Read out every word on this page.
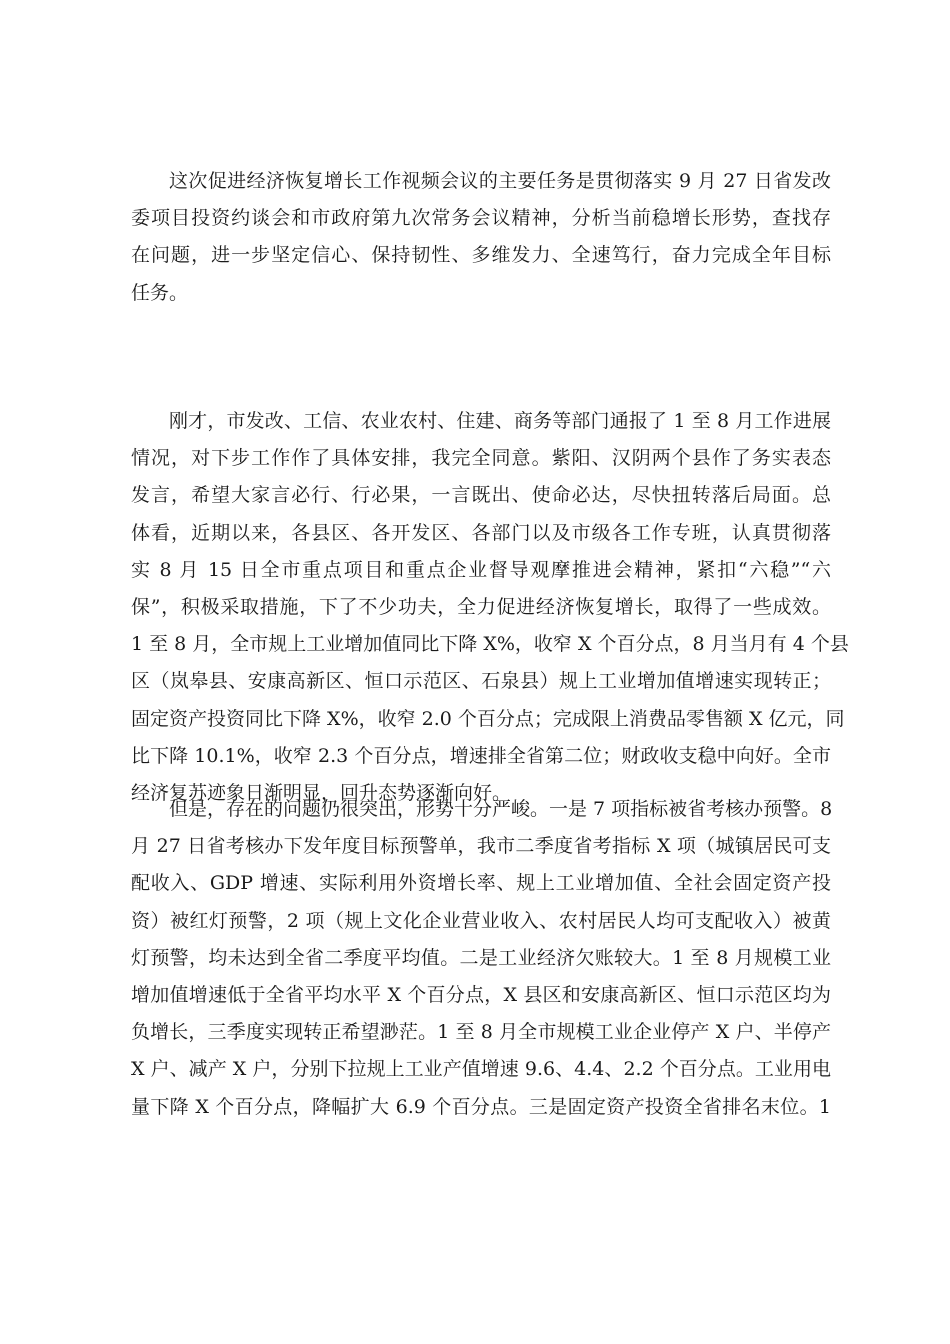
这次促进经济恢复增长工作视频会议的主要任务是贯彻落实 9 月 27 日省发改
委项目投资约谈会和市政府第九次常务会议精神，分析当前稳增长形势，查找存
在问题，进一步坚定信心、保持韧性、多维发力、全速笃行，奋力完成全年目标
任务。
刚才，市发改、工信、农业农村、住建、商务等部门通报了 1 至 8 月工作进展
情况，对下步工作作了具体安排，我完全同意。紫阳、汉阴两个县作了务实表态
发言，希望大家言必行、行必果，一言既出、使命必达，尽快扭转落后局面。总
体看，近期以来，各县区、各开发区、各部门以及市级各工作专班，认真贯彻落
实 8 月 15 日全市重点项目和重点企业督导观摩推进会精神，紧扣“六稳”“六
保”，积极采取措施，下了不少功夫，全力促进经济恢复增长，取得了一些成效。
1 至 8 月，全市规上工业增加值同比下降 X%，收窄 X 个百分点，8 月当月有 4 个县
区（岚皋县、安康高新区、恒口示范区、石泉县）规上工业增加值增速实现转正；
固定资产投资同比下降 X%，收窄 2.0 个百分点；完成限上消费品零售额 X 亿元，同
比下降 10.1%，收窄 2.3 个百分点，增速排全省第二位；财政收支稳中向好。全市
经济复苏迹象日渐明显，回升态势逐渐向好。
但是，存在的问题仍很突出，形势十分严峻。一是 7 项指标被省考核办预警。8
月 27 日省考核办下发年度目标预警单，我市二季度省考指标 X 项（城镇居民可支
配收入、GDP 增速、实际利用外资增长率、规上工业增加值、全社会固定资产投
资）被红灯预警，2 项（规上文化企业营业收入、农村居民人均可支配收入）被黄
灯预警，均未达到全省二季度平均值。二是工业经济欠账较大。1 至 8 月规模工业
增加值增速低于全省平均水平 X 个百分点，X 县区和安康高新区、恒口示范区均为
负增长，三季度实现转正希望渺茫。1 至 8 月全市规模工业企业停产 X 户、半停产
X 户、减产 X 户，分别下拉规上工业产值增速 9.6、4.4、2.2 个百分点。工业用电
量下降 X 个百分点，降幅扩大 6.9 个百分点。三是固定资产投资全省排名末位。1
